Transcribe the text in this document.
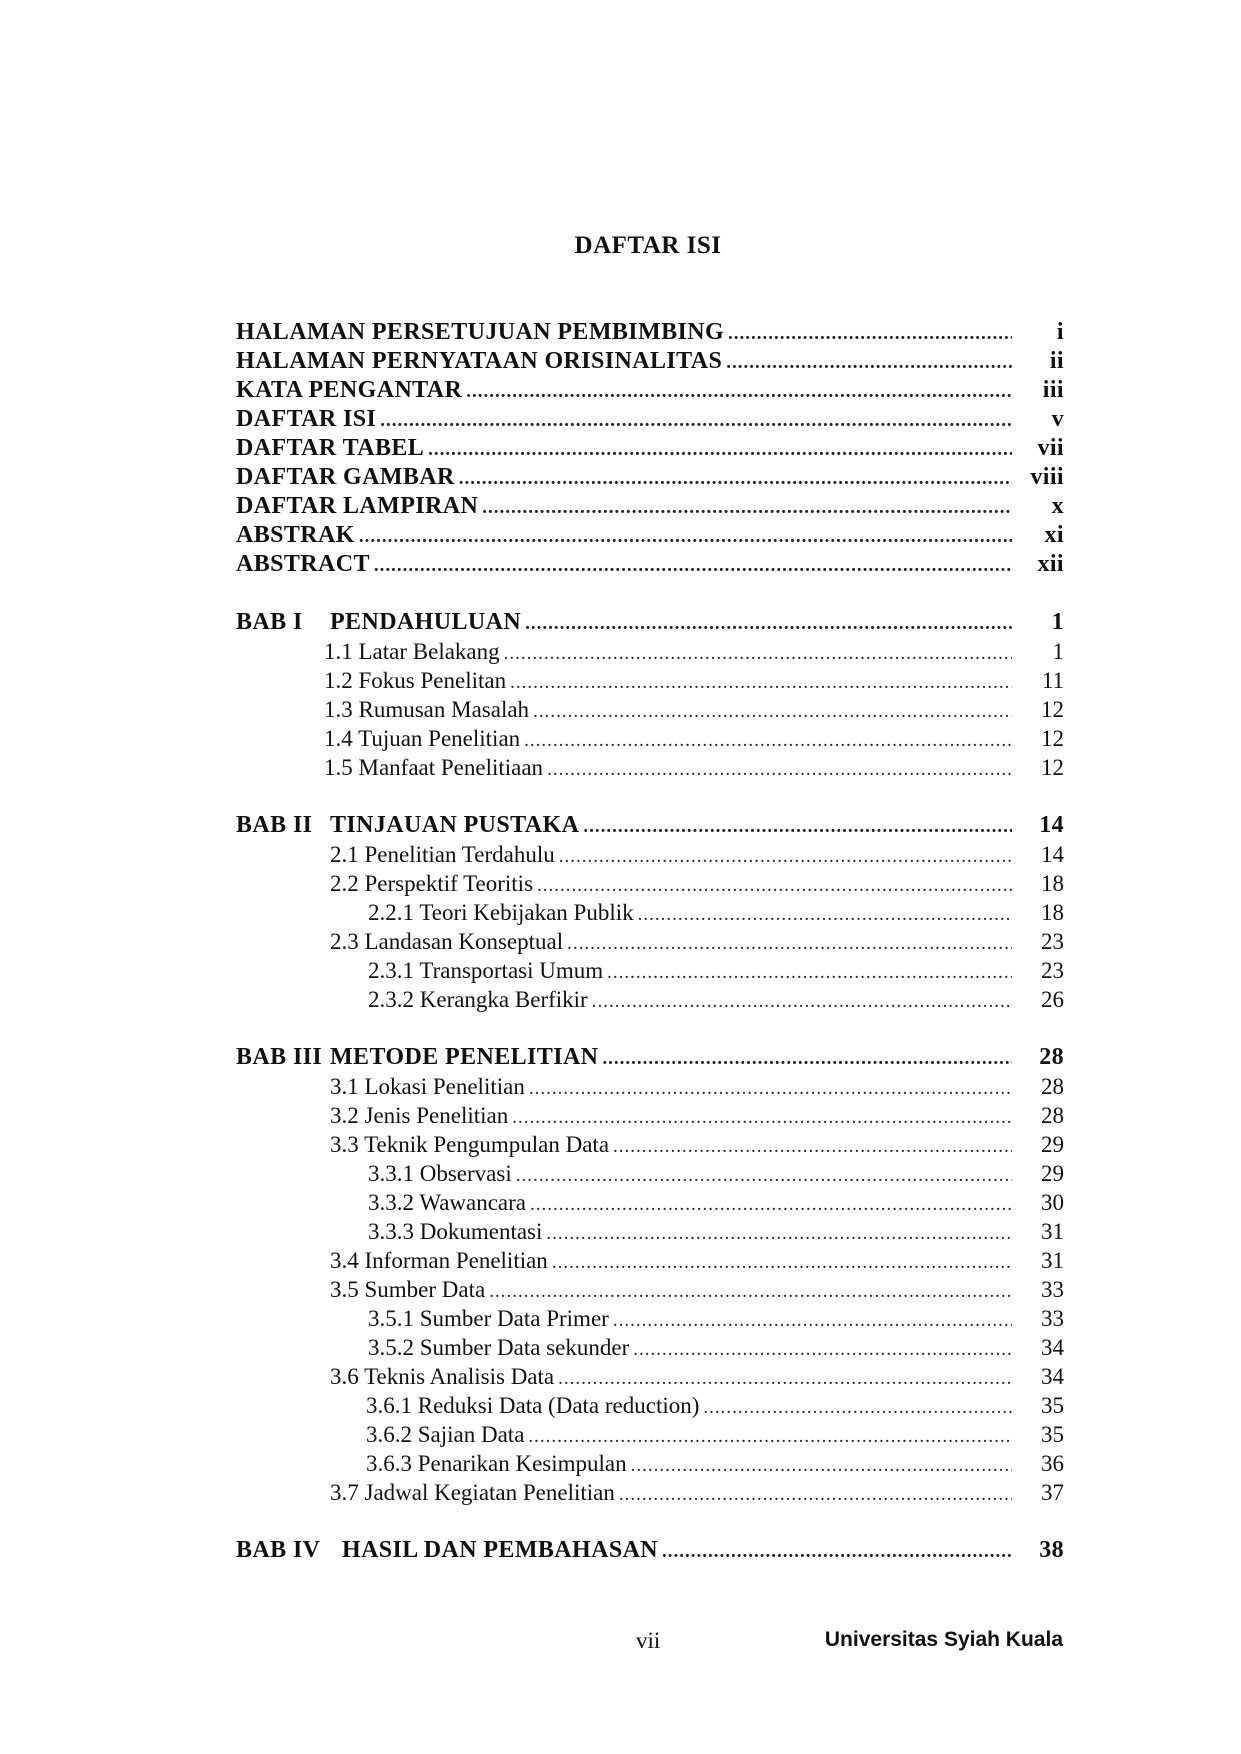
DAFTAR ISI
HALAMAN PERSETUJUAN PEMBIMBING .....	i
HALAMAN PERNYATAAN ORISINALITAS .....	ii
KATA PENGANTAR .....	iii
DAFTAR ISI .....	v
DAFTAR TABEL .....	vii
DAFTAR GAMBAR .....	viii
DAFTAR LAMPIRAN .....	x
ABSTRAK .....	xi
ABSTRACT .....	xii
BAB I	PENDAHULUAN .....	1
1.1 Latar Belakang .....	1
1.2 Fokus Penelitan .....	11
1.3 Rumusan Masalah .....	12
1.4 Tujuan Penelitian .....	12
1.5 Manfaat Penelitiaan .....	12
BAB II TINJAUAN PUSTAKA .....	14
2.1 Penelitian Terdahulu .....	14
2.2 Perspektif Teoritis .....	18
2.2.1 Teori Kebijakan Publik .....	18
2.3 Landasan Konseptual .....	23
2.3.1 Transportasi Umum .....	23
2.3.2 Kerangka Berfikir .....	26
BAB III METODE PENELITIAN .....	28
3.1 Lokasi Penelitian .....	28
3.2 Jenis Penelitian .....	28
3.3 Teknik Pengumpulan Data .....	29
3.3.1 Observasi .....	29
3.3.2 Wawancara .....	30
3.3.3 Dokumentasi .....	31
3.4 Informan Penelitian .....	31
3.5 Sumber Data .....	33
3.5.1 Sumber Data Primer .....	33
3.5.2 Sumber Data sekunder .....	34
3.6 Teknis Analisis Data .....	34
3.6.1 Reduksi Data (Data reduction) .....	35
3.6.2 Sajian Data .....	35
3.6.3 Penarikan Kesimpulan .....	36
3.7 Jadwal Kegiatan Penelitian .....	37
BAB IV HASIL DAN PEMBAHASAN .....	38
vii	Universitas Syiah Kuala
